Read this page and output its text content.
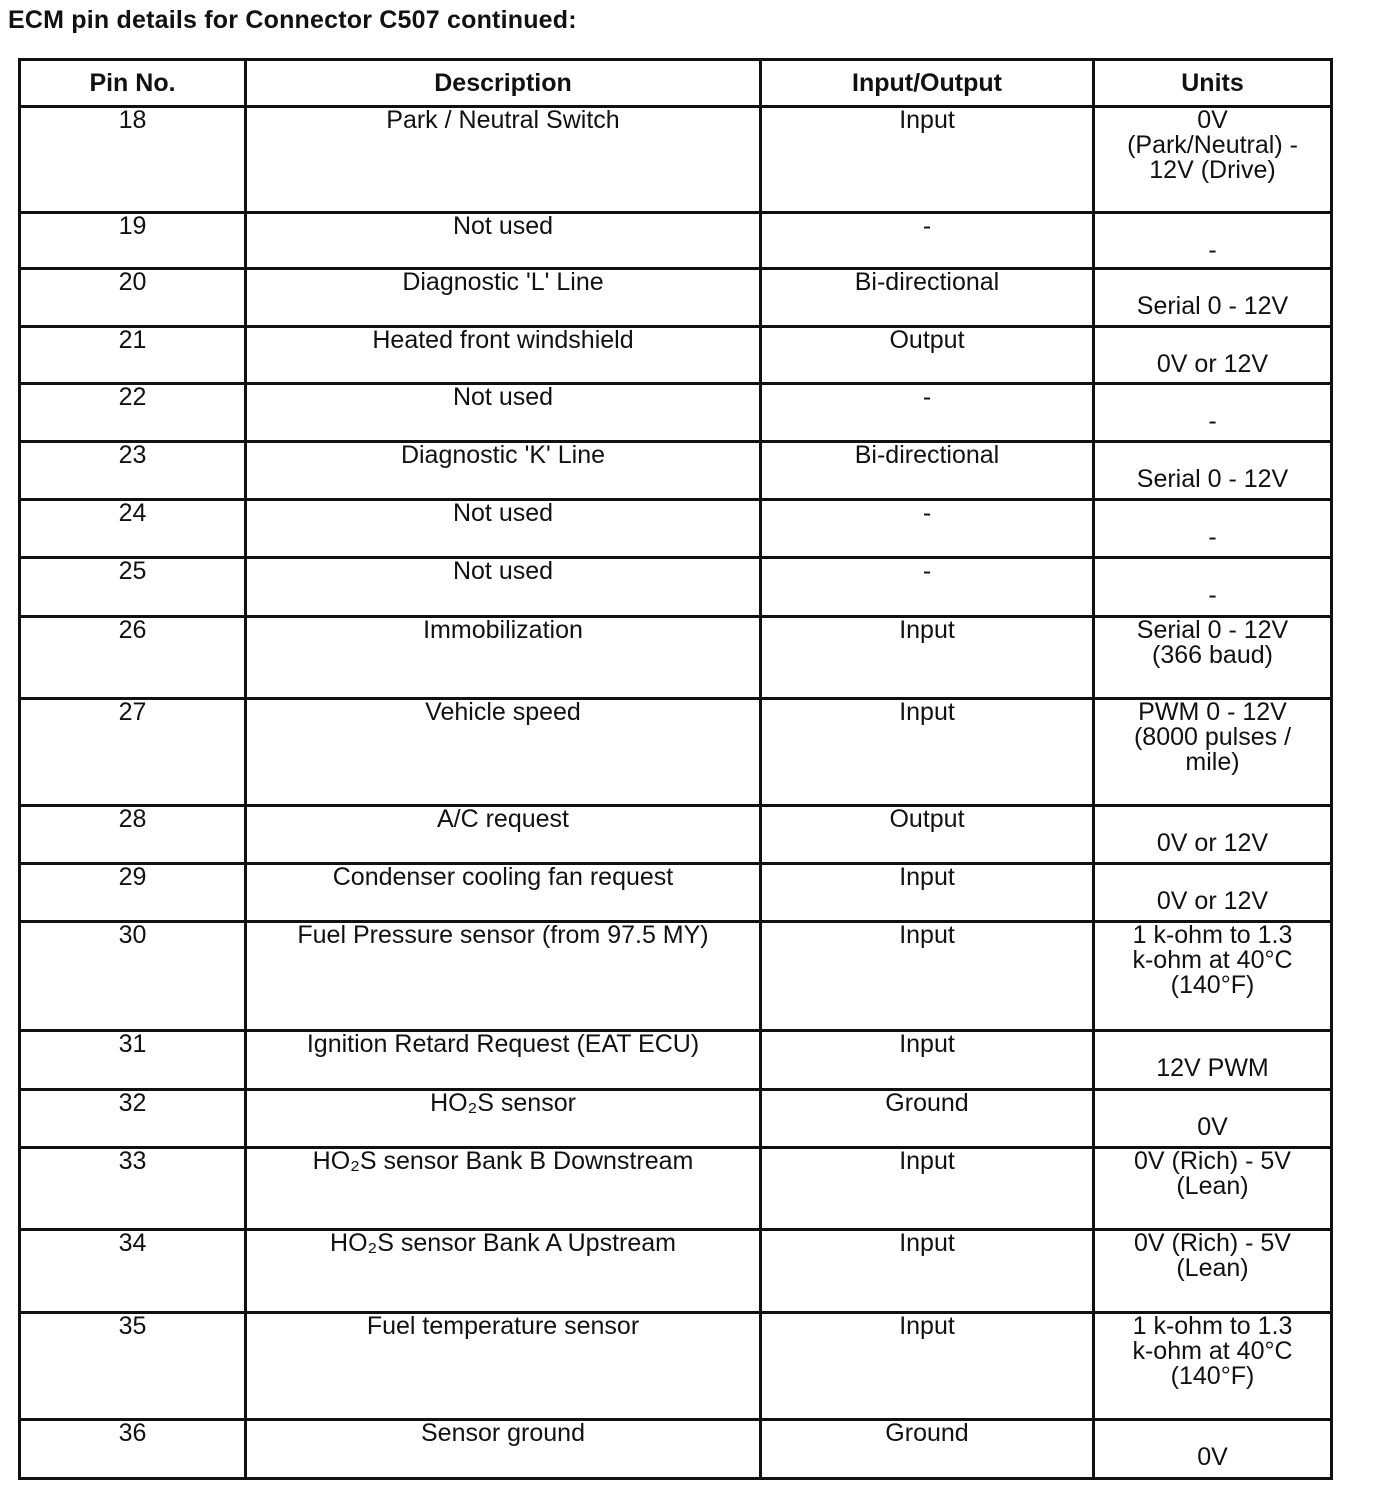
ECM pin details for Connector C507 continued:
Pin No.	Description	Input/Output	Units
18	Park / Neutral Switch	Input	0V
(Park/Neutral) -
12V (Drive)

19	Not used	-	-

20	Diagnostic 'L' Line	Bi-directional	Serial 0 - 12V

21	Heated front windshield	Output	0V or 12V

22	Not used	-	-

23	Diagnostic 'K' Line	Bi-directional	Serial 0 - 12V

24	Not used	-	-

25	Not used	-	-

26	Immobilization	Input	Serial 0 - 12V
(366 baud)

27	Vehicle speed	Input	PWM 0 - 12V
(8000 pulses /
mile)

28	A/C request	Output	0V or 12V

29	Condenser cooling fan request	Input	0V or 12V

30	Fuel Pressure sensor (from 97.5 MY)	Input	1 k-ohm to 1.3
k-ohm at 40°C
(140°F)

31	Ignition Retard Request (EAT ECU)	Input	12V PWM

32	HO₂S sensor	Ground	0V

33	HO₂S sensor Bank B Downstream	Input	0V (Rich) - 5V
(Lean)

34	HO₂S sensor Bank A Upstream	Input	0V (Rich) - 5V
(Lean)

35	Fuel temperature sensor	Input	1 k-ohm to 1.3
k-ohm at 40°C
(140°F)

36	Sensor ground	Ground	0V
